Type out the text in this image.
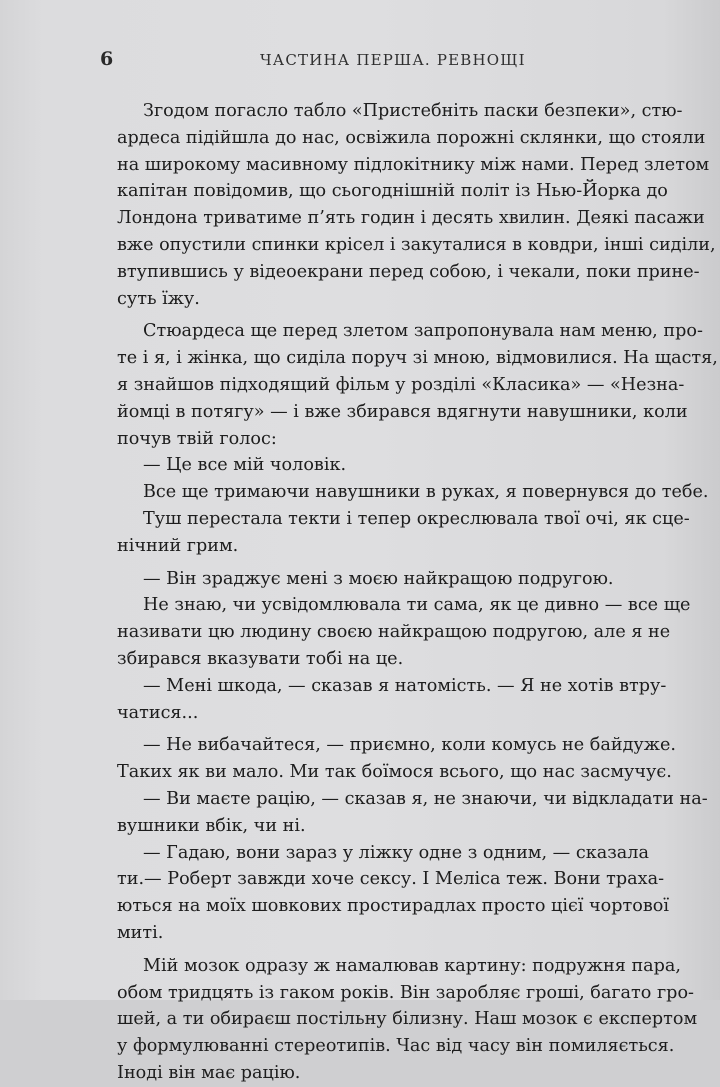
6	ЧАСТИНА ПЕРША. РЕВНОЩІ
Згодом погасло табло «Пристебніть паски безпеки», стю-
ардеса підійшла до нас, освіжила порожні склянки, що стояли
на широкому масивному підлокітнику між нами. Перед злетом
капітан повідомив, що сьогоднішній політ із Нью-Йорка до
Лондона триватиме п’ять годин і десять хвилин. Деякі пасажи
вже опустили спинки крісел і закуталися в ковдри, інші сиділи,
втупившись у відеоекрани перед собою, і чекали, поки прине-
суть їжу.
Стюардеса ще перед злетом запропонувала нам меню, про-
те і я, і жінка, що сиділа поруч зі мною, відмовилися. На щастя,
я знайшов підходящий фільм у розділі «Класика» — «Незна-
йомці в потягу» — і вже збирався вдягнути навушники, коли
почув твій голос:
— Це все мій чоловік.
Все ще тримаючи навушники в руках, я повернувся до тебе.
Туш перестала текти і тепер окреслювала твої очі, як сце-
нічний грим.
— Він зраджує мені з моєю найкращою подругою.
Не знаю, чи усвідомлювала ти сама, як це дивно — все ще
називати цю людину своєю найкращою подругою, але я не
збирався вказувати тобі на це.
— Мені шкода, — сказав я натомість. — Я не хотів втру-
чатися...
— Не вибачайтеся, — приємно, коли комусь не байдуже.
Таких як ви мало. Ми так боїмося всього, що нас засмучує.
— Ви маєте рацію, — сказав я, не знаючи, чи відкладати на-
вушники вбік, чи ні.
— Гадаю, вони зараз у ліжку одне з одним, — сказала
ти.— Роберт завжди хоче сексу. І Меліса теж. Вони траха-
ються на моїх шовкових простирадлах просто цієї чортової
миті.
Мій мозок одразу ж намалював картину: подружня пара,
обом тридцять із гаком років. Він заробляє гроші, багато гро-
шей, а ти обираєш постільну білизну. Наш мозок є експертом
у формулюванні стереотипів. Час від часу він помиляється.
Іноді він має рацію.
